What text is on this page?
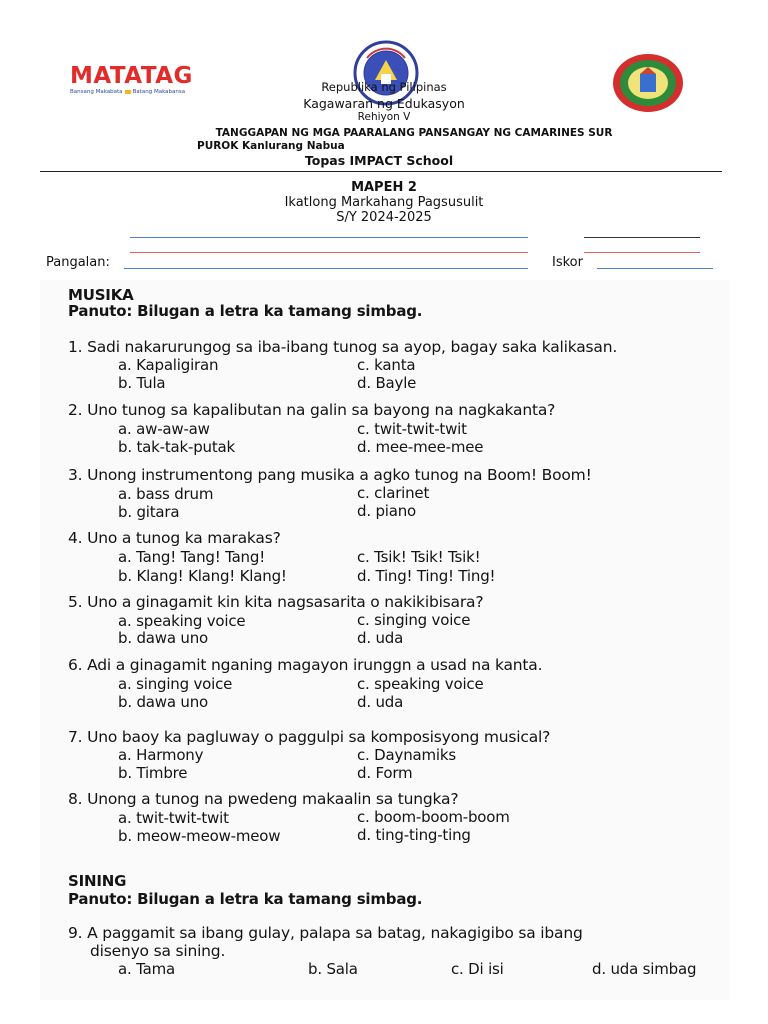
MATATAG
Bansang Makabata Batang Makabansa	Republika ng Pilipinas
Kagawaran ng Edukasyon
Rehiyon V
TANGGAPAN NG MGA PAARALANG PANSANGAY NG CAMARINES SUR
PUROK Kanlurang Nabua
Topas IMPACT School
MAPEH 2
Ikatlong Markahang Pagsusulit
S/Y 2024-2025
Pangalan:	Iskor
MUSIKA
Panuto: Bilugan a letra ka tamang simbag.
1. Sadi nakarurungog sa iba-ibang tunog sa ayop, bagay saka kalikasan.
a. Kapaligiran	c. kanta
b. Tula	d. Bayle
2. Uno tunog sa kapalibutan na galin sa bayong na nagkakanta?
a. aw-aw-aw	c. twit-twit-twit
b. tak-tak-putak	d. mee-mee-mee
3. Unong instrumentong pang musika a agko tunog na Boom! Boom!
a. bass drum	c. clarinet
b. gitara	d. piano
4. Uno a tunog ka marakas?
a. Tang! Tang! Tang!	c. Tsik! Tsik! Tsik!
b. Klang! Klang! Klang!	d. Ting! Ting! Ting!
5. Uno a ginagamit kin kita nagsasarita o nakikibisara?
a. speaking voice	c. singing voice
b. dawa uno	d. uda
6. Adi a ginagamit nganing magayon irunggn a usad na kanta.
a. singing voice	c. speaking voice
b. dawa uno	d. uda
7. Uno baoy ka pagluway o paggulpi sa komposisyong musical?
a. Harmony	c. Daynamiks
b. Timbre	d. Form
8. Unong a tunog na pwedeng makaalin sa tungka?
a. twit-twit-twit	c. boom-boom-boom
b. meow-meow-meow	d. ting-ting-ting
SINING
Panuto: Bilugan a letra ka tamang simbag.
9. A paggamit sa ibang gulay, palapa sa batag, nakagigibo sa ibang
disenyo sa sining.
a. Tama	b. Sala	c. Di isi	d. uda simbag
